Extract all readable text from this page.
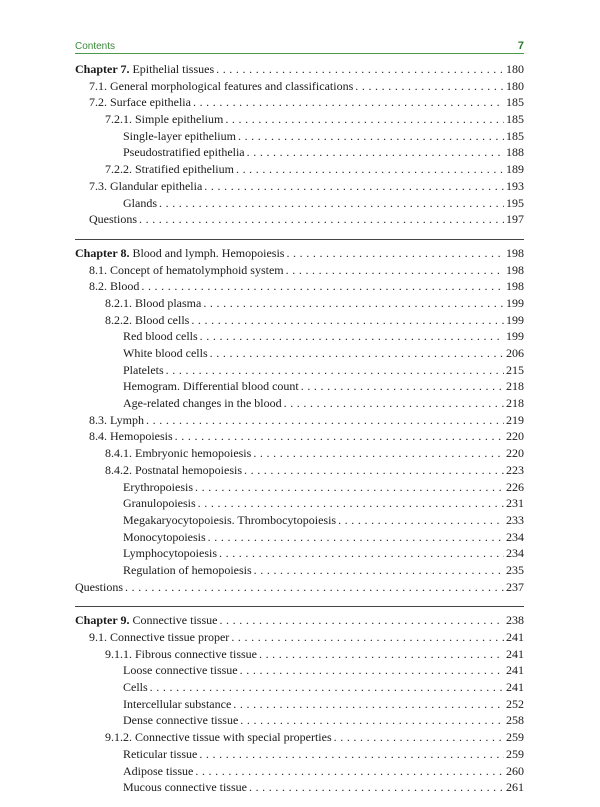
Contents	7
Chapter 7. Epithelial tissues . . .	180
7.1. General morphological features and classifications . . .	180
7.2. Surface epithelia . . .	185
7.2.1. Simple epithelium . . .	185
Single-layer epithelium . . .	185
Pseudostratified epithelia . . .	188
7.2.2. Stratified epithelium . . .	189
7.3. Glandular epithelia . . .	193
Glands . . .	195
Questions . . .	197
Chapter 8. Blood and lymph. Hemopoiesis . . .	198
8.1. Concept of hematolymphoid system . . .	198
8.2. Blood . . .	198
8.2.1. Blood plasma . . .	199
8.2.2. Blood cells . . .	199
Red blood cells . . .	199
White blood cells . . .	206
Platelets . . .	215
Hemogram. Differential blood count . . .	218
Age-related changes in the blood . . .	218
8.3. Lymph . . .	219
8.4. Hemopoiesis . . .	220
8.4.1. Embryonic hemopoiesis . . .	220
8.4.2. Postnatal hemopoiesis . . .	223
Erythropoiesis . . .	226
Granulopoiesis . . .	231
Megakaryocytopoiesis. Thrombocytopoiesis . . .	233
Monocytopoiesis . . .	234
Lymphocytopoiesis . . .	234
Regulation of hemopoiesis . . .	235
Questions . . .	237
Chapter 9. Connective tissue . . .	238
9.1. Connective tissue proper . . .	241
9.1.1. Fibrous connective tissue . . .	241
Loose connective tissue . . .	241
Cells . . .	241
Intercellular substance . . .	252
Dense connective tissue . . .	258
9.1.2. Connective tissue with special properties . . .	259
Reticular tissue . . .	259
Adipose tissue . . .	260
Mucous connective tissue . . .	261
